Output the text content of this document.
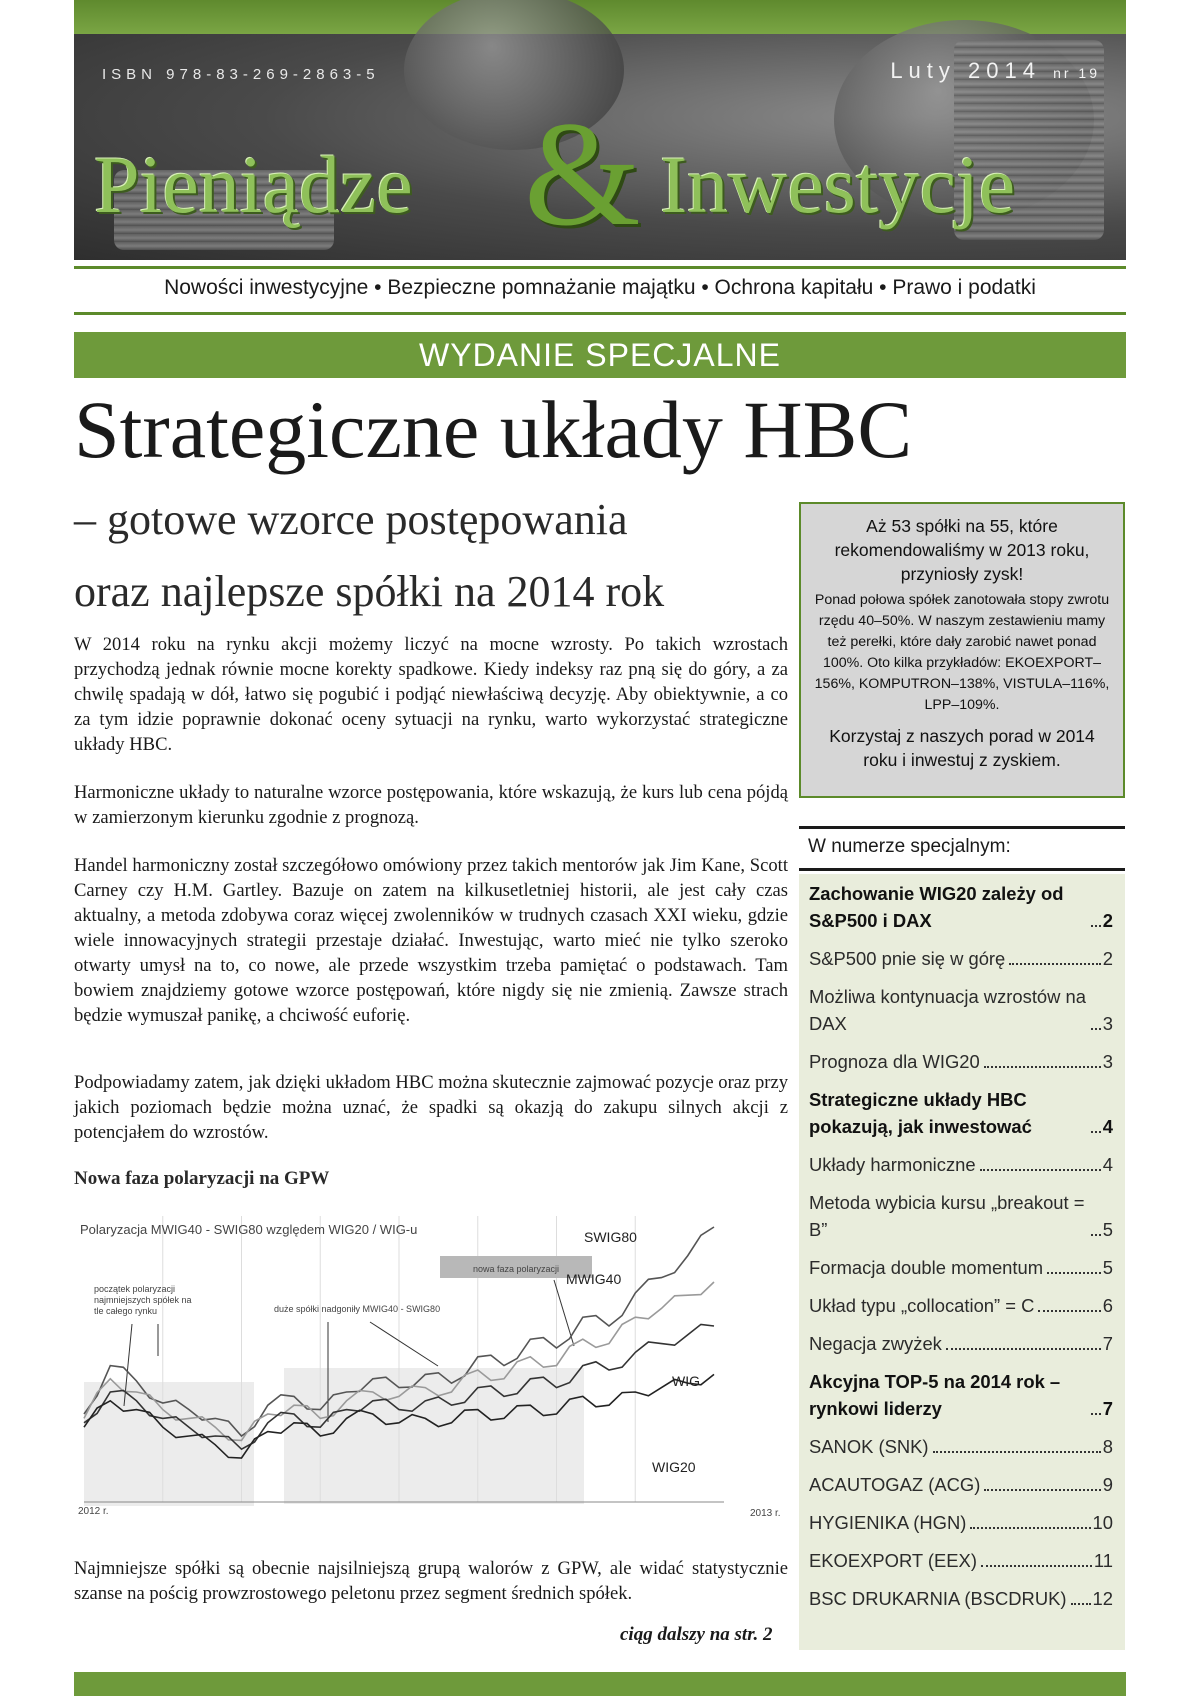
ISBN 978-83-269-2863-5	Luty 2014 nr 19
Pieniądze & Inwestycje
Nowości inwestycyjne • Bezpieczne pomnażanie majątku • Ochrona kapitału • Prawo i podatki
WYDANIE SPECJALNE
Strategiczne układy HBC
– gotowe wzorce postępowania
oraz najlepsze spółki na 2014 rok
W 2014 roku na rynku akcji możemy liczyć na mocne wzrosty. Po takich wzrostach przychodzą jednak równie mocne korekty spadkowe. Kiedy indeksy raz pną się do góry, a za chwilę spadają w dół, łatwo się pogubić i podjąć niewłaściwą decyzję. Aby obiektywnie, a co za tym idzie poprawnie dokonać oceny sytuacji na rynku, warto wykorzystać strategiczne układy HBC.
Harmoniczne układy to naturalne wzorce postępowania, które wskazują, że kurs lub cena pójdą w zamierzonym kierunku zgodnie z prognozą.
Handel harmoniczny został szczegółowo omówiony przez takich mentorów jak Jim Kane, Scott Carney czy H.M. Gartley. Bazuje on zatem na kilkusetletniej historii, ale jest cały czas aktualny, a metoda zdobywa coraz więcej zwolenników w trudnych czasach XXI wieku, gdzie wiele innowacyjnych strategii przestaje działać. Inwestując, warto mieć nie tylko szeroko otwarty umysł na to, co nowe, ale przede wszystkim trzeba pamiętać o podstawach. Tam bowiem znajdziemy gotowe wzorce postępowań, które nigdy się nie zmienią. Zawsze strach będzie wymuszał panikę, a chciwość euforię.
Podpowiadamy zatem, jak dzięki układom HBC można skutecznie zajmować pozycje oraz przy jakich poziomach będzie można uznać, że spadki są okazją do zakupu silnych akcji z potencjałem do wzrostów.
Nowa faza polaryzacji na GPW
Polaryzacja MWIG40 - SWIG80 względem WIG20 / WIG-u
nowa faza polaryzacji
początek polaryzacji najmniejszych spółek na tle całego rynku	duże spółki nadgoniły MWIG40 - SWIG80
SWIG80
MWIG40
WIG
WIG20
2012 r.	2013 r.
Najmniejsze spółki są obecnie najsilniejszą grupą walorów z GPW, ale widać statystycznie szanse na pościg prowzrostowego peletonu przez segment średnich spółek.
ciąg dalszy na str. 2
Aż 53 spółki na 55, które rekomendowaliśmy w 2013 roku, przyniosły zysk!
Ponad połowa spółek zanotowała stopy zwrotu rzędu 40–50%. W naszym zestawieniu mamy też perełki, które dały zarobić nawet ponad 100%. Oto kilka przykładów: EKOEXPORT–156%, KOMPUTRON–138%, VISTULA–116%, LPP–109%.
Korzystaj z naszych porad w 2014 roku i inwestuj z zyskiem.
W numerze specjalnym:
Zachowanie WIG20 zależy od S&P500 i DAX	2
S&P500 pnie się w górę	2
Możliwa kontynuacja wzrostów na DAX	3
Prognoza dla WIG20	3
Strategiczne układy HBC pokazują, jak inwestować	4
Układy harmoniczne	4
Metoda wybicia kursu „breakout = B”	5
Formacja double momentum	5
Układ typu „collocation” = C	6
Negacja zwyżek	7
Akcyjna TOP-5 na 2014 rok – rynkowi liderzy	7
SANOK (SNK)	8
ACAUTOGAZ (ACG)	9
HYGIENIKA (HGN)	10
EKOEXPORT (EEX)	11
BSC DRUKARNIA (BSCDRUK) 12
